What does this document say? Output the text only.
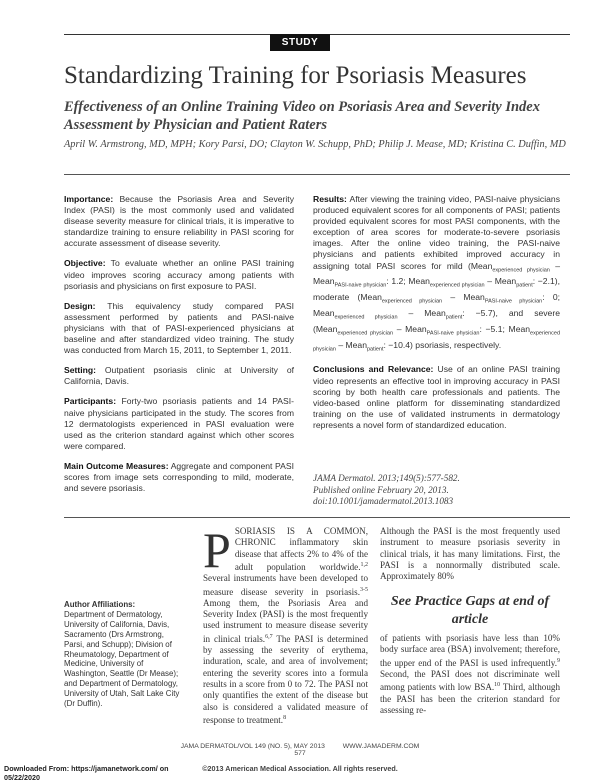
STUDY
Standardizing Training for Psoriasis Measures
Effectiveness of an Online Training Video on Psoriasis Area and Severity Index Assessment by Physician and Patient Raters
April W. Armstrong, MD, MPH; Kory Parsi, DO; Clayton W. Schupp, PhD; Philip J. Mease, MD; Kristina C. Duffin, MD

Importance: Because the Psoriasis Area and Severity Index (PASI) is the most commonly used and validated disease severity measure for clinical trials, it is imperative to standardize training to ensure reliability in PASI scoring for accurate assessment of disease severity.

Objective: To evaluate whether an online PASI training video improves scoring accuracy among patients with psoriasis and physicians on first exposure to PASI.

Design: This equivalency study compared PASI assessment performed by patients and PASI-naive physicians with that of PASI-experienced physicians at baseline and after standardized video training. The study was conducted from March 15, 2011, to September 1, 2011.

Setting: Outpatient psoriasis clinic at University of California, Davis.

Participants: Forty-two psoriasis patients and 14 PASI-naive physicians participated in the study. The scores from 12 dermatologists experienced in PASI evaluation were used as the criterion standard against which other scores were compared.

Main Outcome Measures: Aggregate and component PASI scores from image sets corresponding to mild, moderate, and severe psoriasis.

Results: After viewing the training video, PASI-naive physicians produced equivalent scores for all components of PASI; patients provided equivalent scores for most PASI components, with the exception of area scores for moderate-to-severe psoriasis images. After the online video training, the PASI-naive physicians and patients exhibited improved accuracy in assigning total PASI scores for mild (Mean$_{experienced physician}$ – Mean$_{PASI-naive physician}$: 1.2; Mean$_{experienced physician}$ – Mean$_{patient}$: −2.1), moderate (Mean$_{experienced physician}$ – Mean$_{PASI-naive physician}$: 0; Mean$_{experienced physician}$ – Mean$_{patient}$: −5.7), and severe (Mean$_{experienced physician}$ – Mean$_{PASI-naive physician}$: −5.1; Mean$_{experienced physician}$ – Mean$_{patient}$: −10.4) psoriasis, respectively.

Conclusions and Relevance: Use of an online PASI training video represents an effective tool in improving accuracy in PASI scoring by both health care professionals and patients. The video-based online platform for disseminating standardized training on the use of validated instruments in dermatology represents a novel form of standardized education.

JAMA Dermatol. 2013;149(5):577-582.
Published online February 20, 2013.
doi:10.1001/jamadermatol.2013.1083
Author Affiliations:
Department of Dermatology, University of California, Davis, Sacramento (Drs Armstrong, Parsi, and Schupp); Division of Rheumatology, Department of Medicine, University of Washington, Seattle (Dr Mease); and Department of Dermatology, University of Utah, Salt Lake City (Dr Duffin).
PSORIASIS IS A COMMON, CHRONIC inflammatory skin disease that affects 2% to 4% of the adult population worldwide.$^{1,2}$ Several instruments have been developed to measure disease severity in psoriasis.$^{3-5}$ Among them, the Psoriasis Area and Severity Index (PASI) is the most frequently used instrument to measure disease severity in clinical trials.$^{6,7}$ The PASI is determined by assessing the severity of erythema, induration, scale, and area of involvement; entering the severity scores into a formula results in a score from 0 to 72. The PASI not only quantifies the extent of the disease but also is considered a validated measure of response to treatment.$^8$
Although the PASI is the most frequently used instrument to measure psoriasis severity in clinical trials, it has many limitations. First, the PASI is a nonnormally distributed scale. Approximately 80%
See Practice Gaps at end of article
of patients with psoriasis have less than 10% body surface area (BSA) involvement; therefore, the upper end of the PASI is used infrequently.$^9$ Second, the PASI does not discriminate well among patients with low BSA.$^{10}$ Third, although the PASI has been the criterion standard for assessing re-
JAMA DERMATOL/VOL 149 (NO. 5), MAY 2013	WWW.JAMADERM.COM
577
©2013 American Medical Association. All rights reserved.
Downloaded From: https://jamanetwork.com/ on 05/22/2020
